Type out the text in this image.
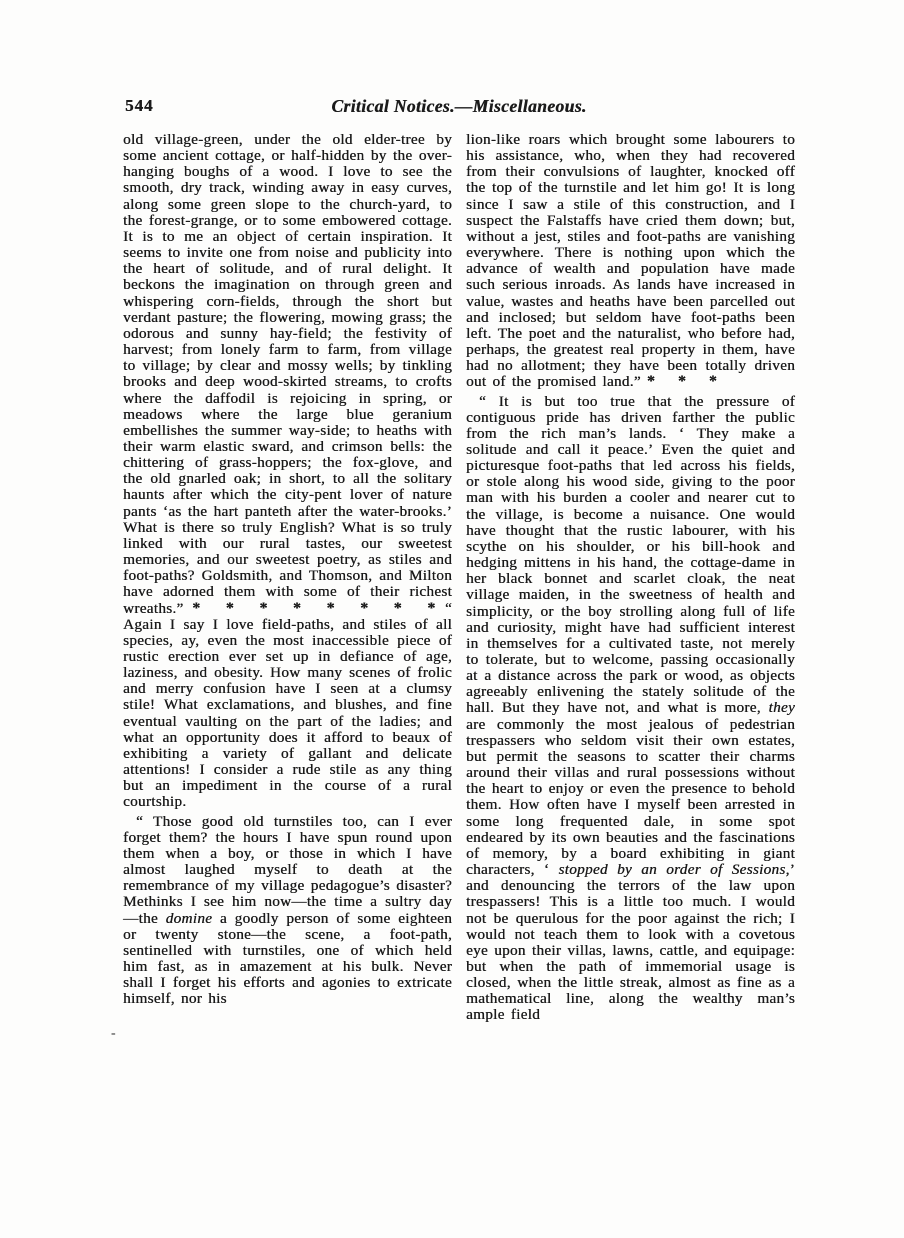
544	Critical Notices.—Miscellaneous.

old village-green, under the old elder-tree by some ancient cottage, or half-hidden by the over-hanging boughs of a wood. I love to see the smooth, dry track, winding away in easy curves, along some green slope to the church-yard, to the forest-grange, or to some embowered cottage. It is to me an object of certain inspiration. It seems to invite one from noise and publicity into the heart of solitude, and of rural delight. It beckons the imagination on through green and whispering corn-fields, through the short but verdant pasture; the flowering, mowing grass; the odorous and sunny hay-field; the festivity of harvest; from lonely farm to farm, from village to village; by clear and mossy wells; by tinkling brooks and deep wood-skirted streams, to crofts where the daffodil is rejoicing in spring, or meadows where the large blue geranium embellishes the summer way-side; to heaths with their warm elastic sward, and crimson bells: the chittering of grass-hoppers; the fox-glove, and the old gnarled oak; in short, to all the solitary haunts after which the city-pent lover of nature pants ‘as the hart panteth after the water-brooks.’ What is there so truly English? What is so truly linked with our rural tastes, our sweetest memories, and our sweetest poetry, as stiles and foot-paths? Goldsmith, and Thomson, and Milton have adorned them with some of their richest wreaths.” * * * * * * * * “ Again I say I love field-paths, and stiles of all species, ay, even the most inaccessible piece of rustic erection ever set up in defiance of age, laziness, and obesity. How many scenes of frolic and merry confusion have I seen at a clumsy stile! What exclamations, and blushes, and fine eventual vaulting on the part of the ladies; and what an opportunity does it afford to beaux of exhibiting a variety of gallant and delicate attentions! I consider a rude stile as any thing but an impediment in the course of a rural courtship.

“ Those good old turnstiles too, can I ever forget them? the hours I have spun round upon them when a boy, or those in which I have almost laughed myself to death at the remembrance of my village pedagogue’s disaster? Methinks I see him now—the time a sultry day—the domine a goodly person of some eighteen or twenty stone—the scene, a foot-path, sentinelled with turnstiles, one of which held him fast, as in amazement at his bulk. Never shall I forget his efforts and agonies to extricate himself, nor his

lion-like roars which brought some labourers to his assistance, who, when they had recovered from their convulsions of laughter, knocked off the top of the turnstile and let him go! It is long since I saw a stile of this construction, and I suspect the Falstaffs have cried them down; but, without a jest, stiles and foot-paths are vanishing everywhere. There is nothing upon which the advance of wealth and population have made such serious inroads. As lands have increased in value, wastes and heaths have been parcelled out and inclosed; but seldom have foot-paths been left. The poet and the naturalist, who before had, perhaps, the greatest real property in them, have had no allotment; they have been totally driven out of the promised land.” * * *

“ It is but too true that the pressure of contiguous pride has driven farther the public from the rich man’s lands. ‘ They make a solitude and call it peace.’ Even the quiet and picturesque foot-paths that led across his fields, or stole along his wood side, giving to the poor man with his burden a cooler and nearer cut to the village, is become a nuisance. One would have thought that the rustic labourer, with his scythe on his shoulder, or his bill-hook and hedging mittens in his hand, the cottage-dame in her black bonnet and scarlet cloak, the neat village maiden, in the sweetness of health and simplicity, or the boy strolling along full of life and curiosity, might have had sufficient interest in themselves for a cultivated taste, not merely to tolerate, but to welcome, passing occasionally at a distance across the park or wood, as objects agreeably enlivening the stately solitude of the hall. But they have not, and what is more, they are commonly the most jealous of pedestrian trespassers who seldom visit their own estates, but permit the seasons to scatter their charms around their villas and rural possessions without the heart to enjoy or even the presence to behold them. How often have I myself been arrested in some long frequented dale, in some spot endeared by its own beauties and the fascinations of memory, by a board exhibiting in giant characters, ‘ stopped by an order of Sessions,’ and denouncing the terrors of the law upon trespassers! This is a little too much. I would not be querulous for the poor against the rich; I would not teach them to look with a covetous eye upon their villas, lawns, cattle, and equipage: but when the path of immemorial usage is closed, when the little streak, almost as fine as a mathematical line, along the wealthy man’s ample field

-
